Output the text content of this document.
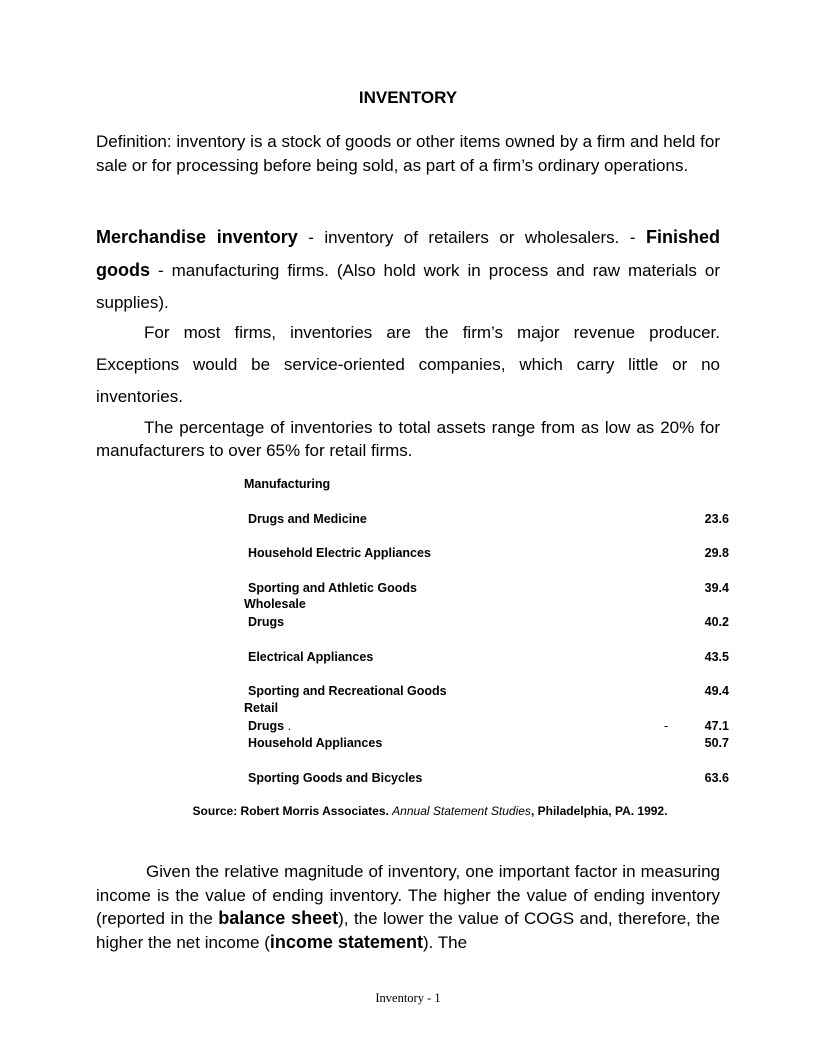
INVENTORY
Definition: inventory is a stock of goods or other items owned by a firm and held for sale or for processing before being sold, as part of a firm’s ordinary operations.
Merchandise inventory - inventory of retailers or wholesalers. - Finished goods - manufacturing firms. (Also hold work in process and raw materials or supplies).
For most firms, inventories are the firm’s major revenue producer. Exceptions would be service-oriented companies, which carry little or no inventories.
The percentage of inventories to total assets range from as low as 20% for manufacturers to over 65% for retail firms.
Manufacturing
Drugs and Medicine	23.6
Household Electric Appliances	29.8
Sporting and Athletic Goods	39.4
Wholesale
Drugs	40.2
Electrical Appliances	43.5
Sporting and Recreational Goods	49.4
Retail
Drugs .	-	47.1
Household Appliances	50.7
Sporting Goods and Bicycles	63.6
Source: Robert Morris Associates. Annual Statement Studies, Philadelphia, PA. 1992.
Given the relative magnitude of inventory, one important factor in measuring income is the value of ending inventory. The higher the value of ending inventory (reported in the balance sheet), the lower the value of COGS and, therefore, the higher the net income (income statement). The
Inventory - 1
